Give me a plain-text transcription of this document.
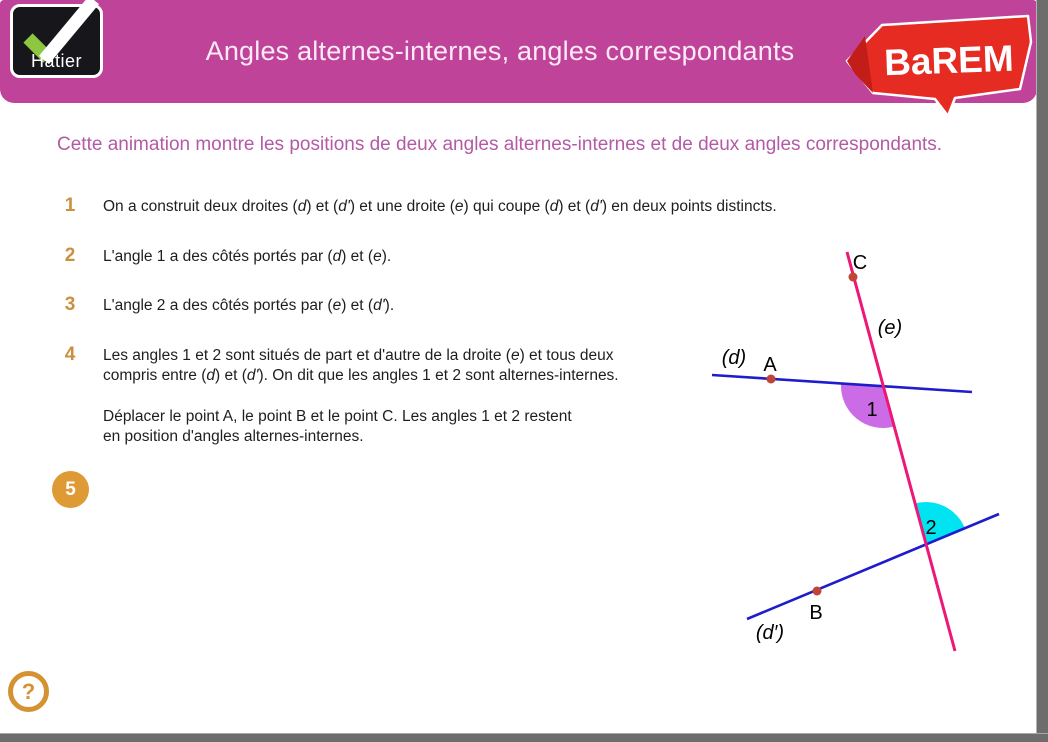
Angles alternes-internes, angles correspondants
Hatier	BaREM
Cette animation montre les positions de deux angles alternes-internes et de deux angles correspondants.
1	On a construit deux droites (d) et (d') et une droite (e) qui coupe (d) et (d') en deux points distincts.
2	L'angle 1 a des côtés portés par (d) et (e).
3	L'angle 2 a des côtés portés par (e) et (d').
4	Les angles 1 et 2 sont situés de part et d'autre de la droite (e) et tous deux
compris entre (d) et (d'). On dit que les angles 1 et 2 sont alternes-internes.
Déplacer le point A, le point B et le point C. Les angles 1 et 2 restent
en position d'angles alternes-internes.
5
?
(d)
(d′)
(e)
A
B
C
1
2
